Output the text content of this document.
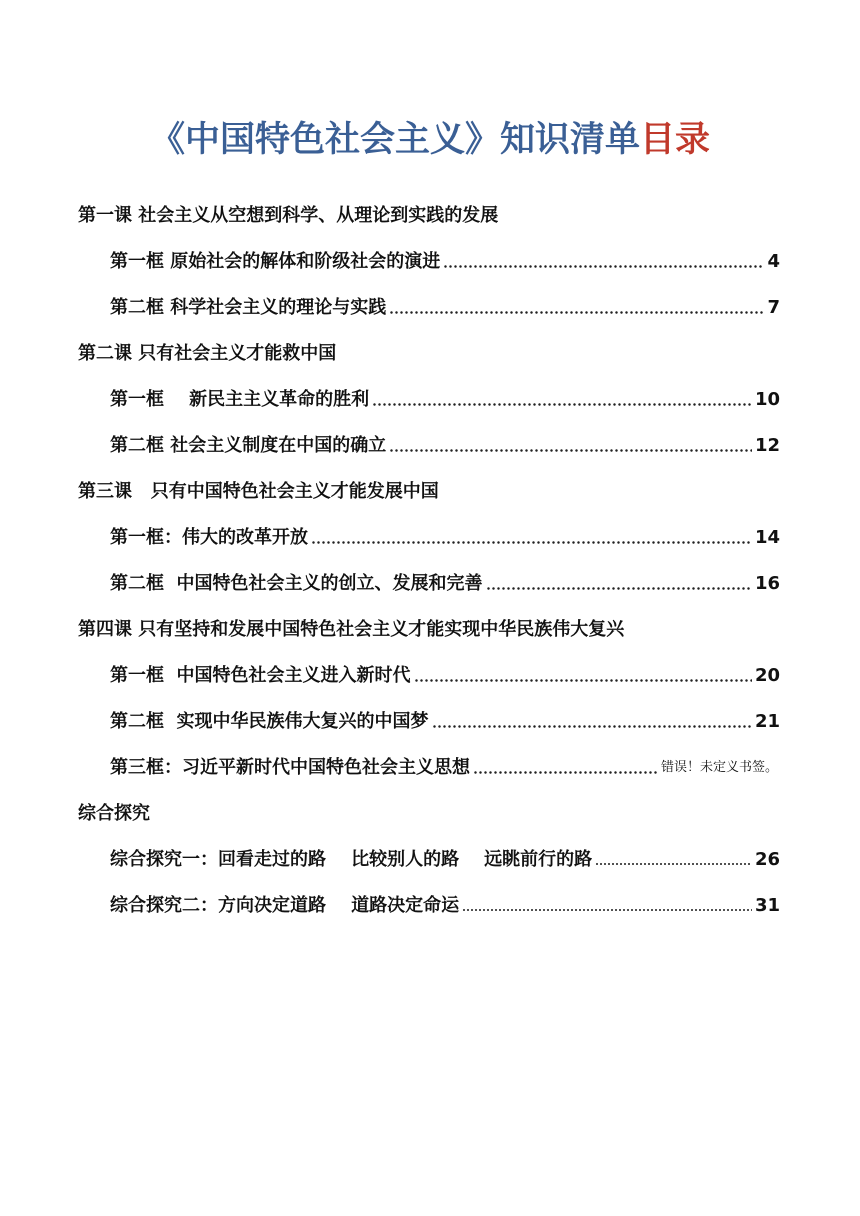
《中国特色社会主义》知识清单目录
第一课 社会主义从空想到科学、从理论到实践的发展
第一框 原始社会的解体和阶级社会的演进	4
第二框 科学社会主义的理论与实践	7
第二课 只有社会主义才能救中国
第一框    新民主主义革命的胜利	10
第二框 社会主义制度在中国的确立	12
第三课   只有中国特色社会主义才能发展中国
第一框：伟大的改革开放	14
第二框  中国特色社会主义的创立、发展和完善	16
第四课 只有坚持和发展中国特色社会主义才能实现中华民族伟大复兴
第一框  中国特色社会主义进入新时代	20
第二框  实现中华民族伟大复兴的中国梦	21
第三框：习近平新时代中国特色社会主义思想	错误！未定义书签。
综合探究
综合探究一：回看走过的路    比较别人的路    远眺前行的路	26
综合探究二：方向决定道路    道路决定命运	31
